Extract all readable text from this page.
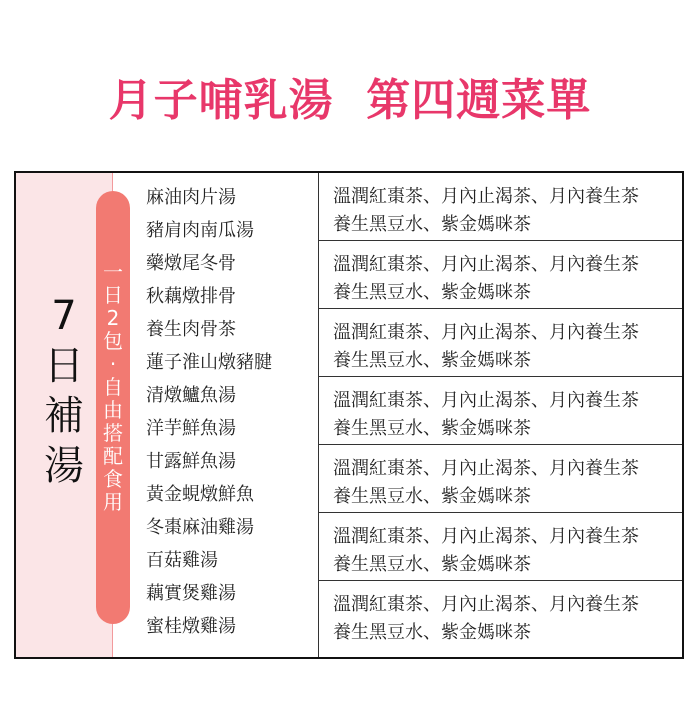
月子哺乳湯  第四週菜單
7
日
補
湯
一
日
2
包
·
自
由
搭
配
食
用
麻油肉片湯
豬肩肉南瓜湯
藥燉尾冬骨
秋藕燉排骨
養生肉骨茶
蓮子淮山燉豬腱
清燉鱸魚湯
洋芋鮮魚湯
甘露鮮魚湯
黃金蜆燉鮮魚
冬棗麻油雞湯
百菇雞湯
藕實煲雞湯
蜜桂燉雞湯
溫潤紅棗茶、月內止渴茶、月內養生茶
養生黑豆水、紫金媽咪茶
溫潤紅棗茶、月內止渴茶、月內養生茶
養生黑豆水、紫金媽咪茶
溫潤紅棗茶、月內止渴茶、月內養生茶
養生黑豆水、紫金媽咪茶
溫潤紅棗茶、月內止渴茶、月內養生茶
養生黑豆水、紫金媽咪茶
溫潤紅棗茶、月內止渴茶、月內養生茶
養生黑豆水、紫金媽咪茶
溫潤紅棗茶、月內止渴茶、月內養生茶
養生黑豆水、紫金媽咪茶
溫潤紅棗茶、月內止渴茶、月內養生茶
養生黑豆水、紫金媽咪茶
